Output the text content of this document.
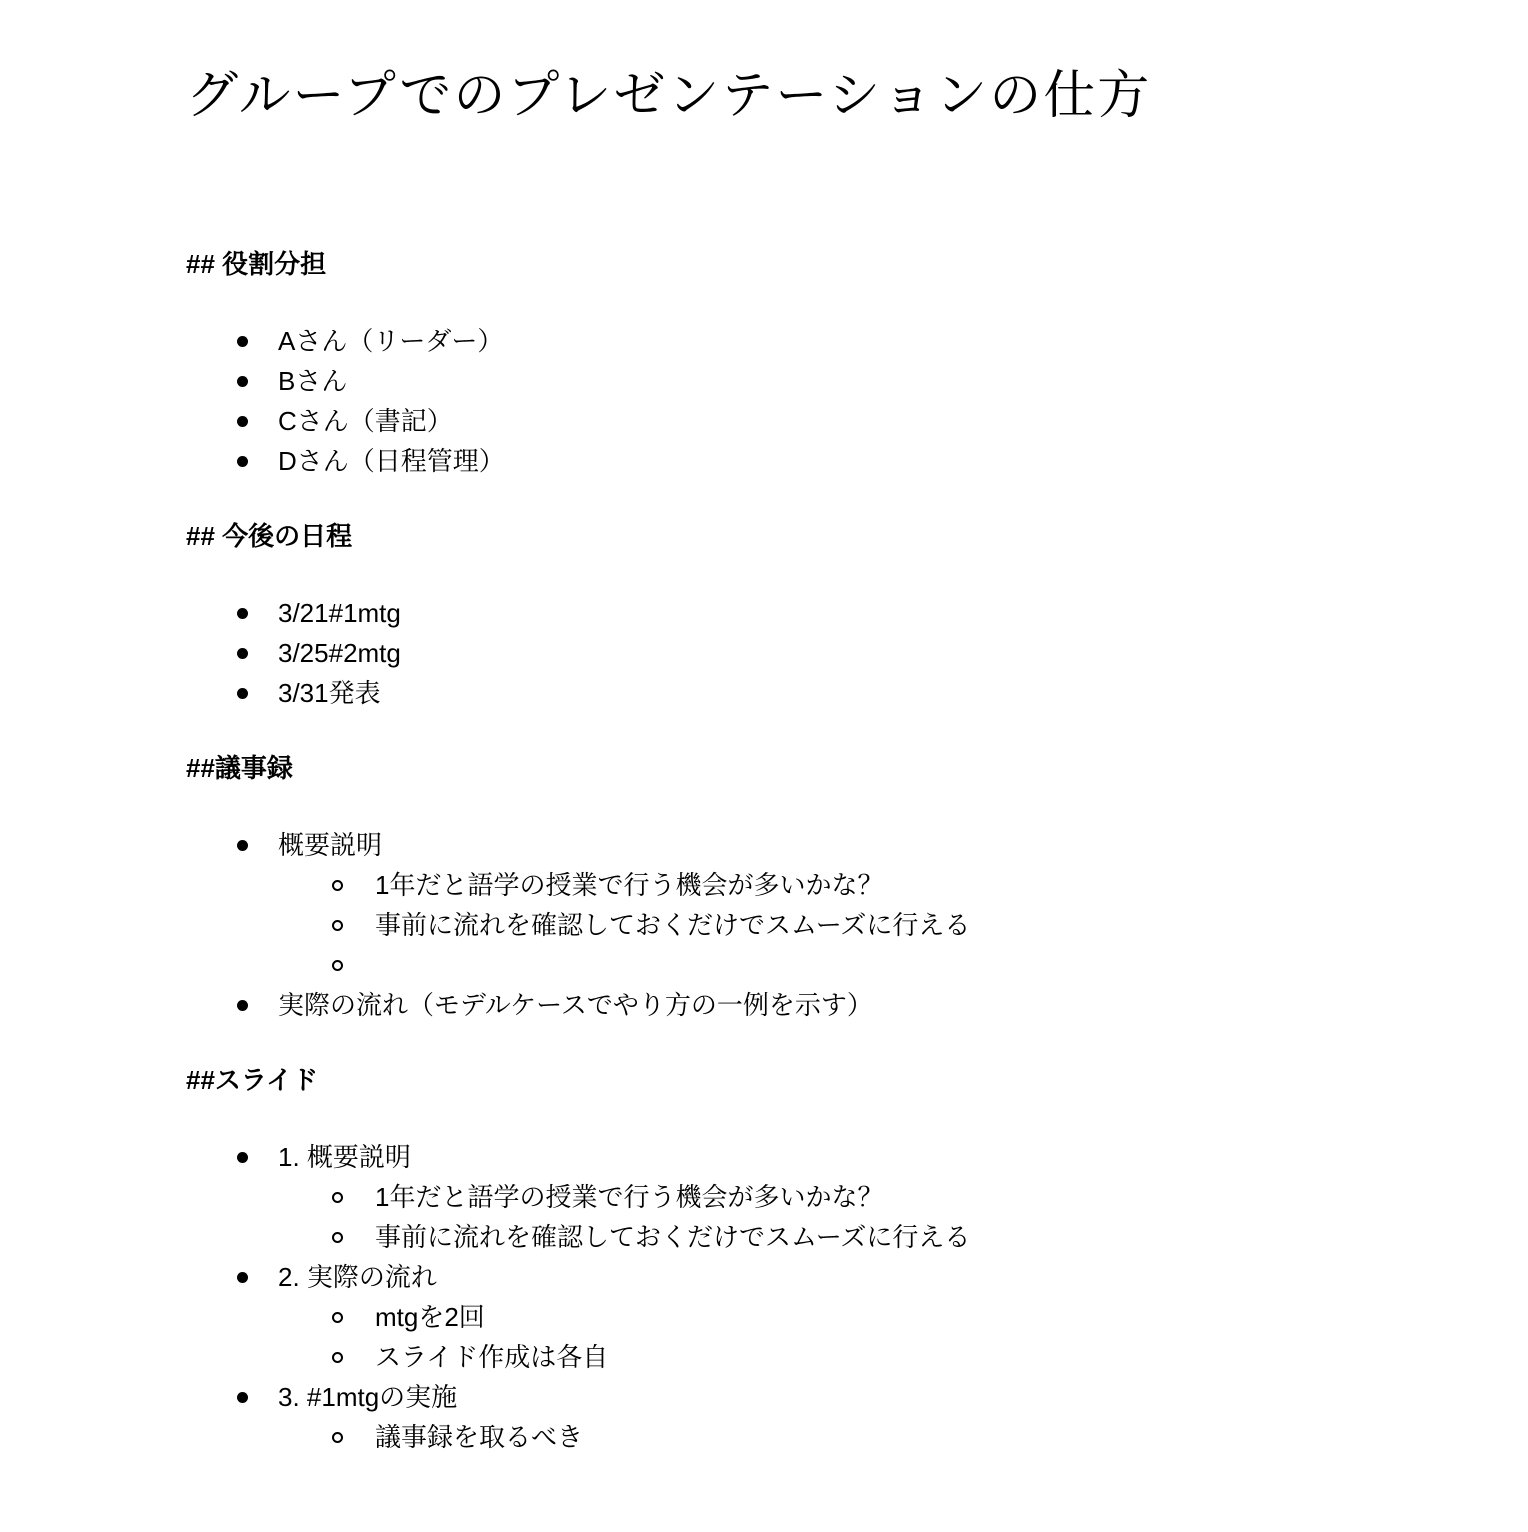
グループでのプレゼンテーションの仕方

## 役割分担

Aさん（リーダー）
Bさん
Cさん（書記）
Dさん（日程管理）

## 今後の日程

3/21#1mtg
3/25#2mtg
3/31発表

##議事録

概要説明
1年だと語学の授業で行う機会が多いかな？
事前に流れを確認しておくだけでスムーズに行える
実際の流れ（モデルケースでやり方の一例を示す）

##スライド

1. 概要説明
1年だと語学の授業で行う機会が多いかな？
事前に流れを確認しておくだけでスムーズに行える
2. 実際の流れ
mtgを2回
スライド作成は各自
3. #1mtgの実施
議事録を取るべき
